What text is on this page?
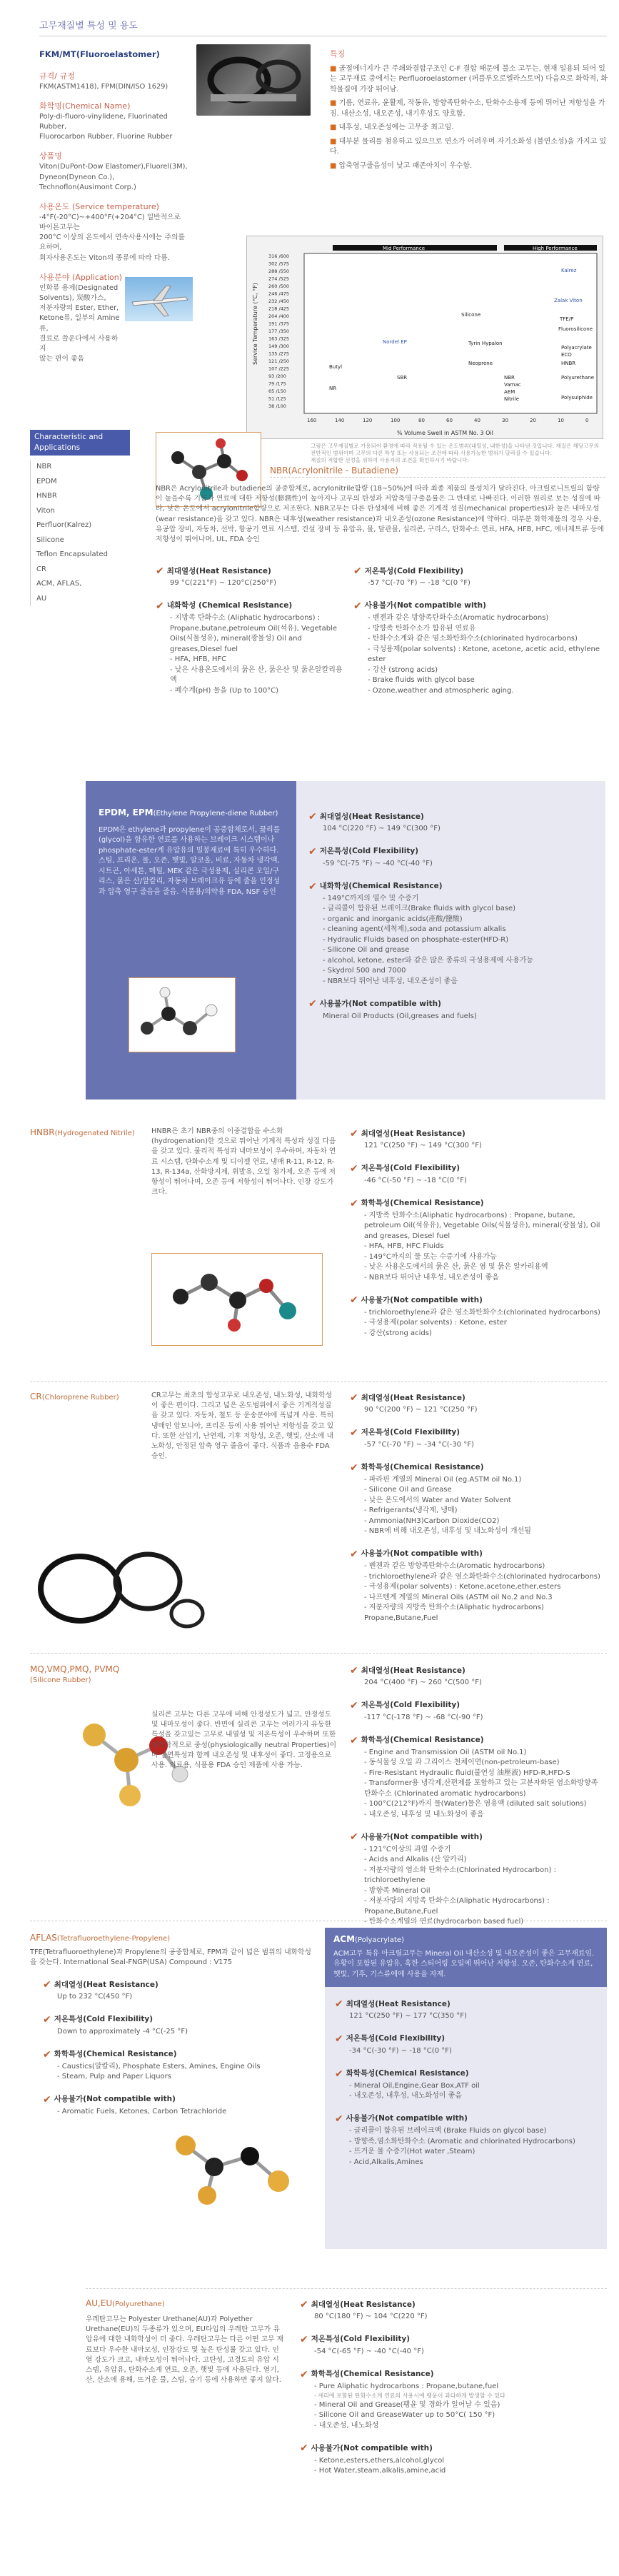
고무재질별 특성 및 용도
FKM/MT(Fluoroelastomer)
규격/ 규정
FKM(ASTM1418), FPM(DIN/ISO 1629)
화학명(Chemical Name)
Poly-di-fluoro-vinylidene, Fluorinated Rubber,
Fluorocarbon Rubber, Fluorine Rubber
상품명
Viton(DuPont-Dow Elastomer),Fluorel(3M),
Dyneon(Dyneon Co.), Technoflon(Ausimont Corp.)
사용온도 (Service temperature)
-4°F(-20°C)~+400°F(+204°C) 일반적으로 바이톤고무는
200°C 이상의 온도에서 연속사용시에는 주의를 요하며,
회자사용온도는 Viton의 종류에 따라 다름.
사용분야 (Application)
인화류 용제(Designated Solvents), 炭酸가스,
저분자량의 Ester, Ether,
Ketone류, 일부의 Amine류,
결료로 쓸운다에서 사용하지
않는 편이 좋음
특징
■ 골절에너지가 큰 주쇄와결합구조인 C-F 결합 때문에 불소 고무는, 현재 일용되 되어 있는 고무재료 중에서는 Perfluoroelastomer (퍼플루오로엘라스토머) 다음으로 화학적, 화학물질에 가장 뛰어남.
■ 기름, 연료유, 윤활제, 작동유, 방향족탄화수소, 탄화수소용제 등에 뛰어난 저항성을 가짐. 내산소성, 내오존성, 내기후성도 양호함.
■ 내후성, 내오존성에는 고무중 최고임.
■ 대부분 물리를 첨유하고 있으므로 연소가 어려우며 자기소화성 (불연소성)을 가지고 있다.
■ 압축영구줄음성이 낮고 패존아치이 우수함.
Mid Performance	High Performance
Service Temperature (°C, °F)
% Volume Swell in ASTM No. 3 Oil
316 /600
302 /575
288 /550
274 /525
260 /500
246 /475
232 /450
218 /425
204 /400
191 /375
177 /350
163 /325
149 /300
135 /275
121 /250
107 /225
93 /200
79 /175
65 /150
51 /125
38 /100
160	140	120	100	80	60	40	30	20	10	0
Kalrez
Zalak Viton
TFE/P
Fluorosilicone
Silicone
Polyacrylate
ECO
HNBR
Nordel EP	Tyrin Hypalon
Neoprene
Polyurethane
SBR
Butyl
NR
NBR
Vamac
AEM
Nitrile	Polysulphide
그림은 고무재질별로 가용되어 환경에 따라 적용될 수 있는 온도범위(내열성, 내한성)을 나타낸 것입니다. 재질은 해당고무의 전반적인 범위이며 고무의 다른 특성 또는 사용되는 조건에 따라 사용가능한 범위가 달라질 수 있습니다.
재질의 적합한 선정을 위하여 사용자의 조건을 확인하시기 바랍니다.
Characteristic and Applications
NBR
EPDM
HNBR
Viton
Perfluor(Kalrez)
Silicone
Teflon Encapsulated
CR
ACM, AFLAS,
AU
NBR(Acrylonitrile - Butadiene)
NBR은 Acrylonitrile과 butadiene의 공중합체로, acrylonitrile함량 (18~50%)에 따라 최종 제품의 물성치가 달라진다. 아크릴로니트릴의 함량이 높을수록 기름과 연료에 대한 저항성(膨潤性)이 높아지나 고무의 탄성과 저압축영구줄음률은 그 반대로 나빠진다. 이러한 원리로 보는 성질에 따라, 낮은 온도에서 acrylonitrile함량으로 저조한다. NBR고무는 다른 탄성체에 비해 좋은 기계적 성질(mechanical properties)과 높은 내마모성(wear resistance)을 갖고 있다. NBR은 내후성(weather resistance)과 내오존성(ozone Resistance)에 약하다. 대부분 화학제품의 경우 사용, 유공압 장비, 자동차, 선박, 항공기 연료 시스템, 건설 장비 등 유압유, 물, 달관물, 실리콘, 구리스, 탄화수소 연료, HFA, HFB, HFC, 에너제트류 등에 저항성이 뛰어나며, UL, FDA 승인
✔ 최대열성(Heat Resistance)
99 °C(221°F) ~ 120°C(250°F)
✔ 내화학성 (Chemical Resistance)
- 지방족 탄화수소 (Aliphatic hydrocarbons) : Propane,butane,petroleum Oil(석유), Vegetable Oils(식물성유), mineral(광물성) Oil and greases,Diesel fuel
- HFA, HFB, HFC
- 낮은 사용온도에서의 묽은 산, 묽은산 및 묽은알칼리용액
- 폐수계(pH) 물을 (Up to 100°C)
✔ 저온특성(Cold Flexibility)
-57 °C(-70 °F) ~ -18 °C(0 °F)
✔ 사용불가(Not compatible with)
- 벤젠과 같은 방향족탄화수소(Aromatic hydrocarbons)
- 방향족 탄화수소가 함유된 연료유
- 탄화수소계와 같은 염소화탄화수소(chlorinated hydrocarbons)
- 극성용제(polar solvents) : Ketone, acetone, acetic acid, ethylene ester
- 강산 (strong acids)
- Brake fluids with glycol base
- Ozone,weather and atmospheric aging.
EPDM, EPM(Ethylene Propylene-diene Rubber)
EPDM은 ethylene과 propylene이 공중합체로서, 끓리를 (glycol)을 함유한 연료를 사용하는 브레이크 시스템이나 phosphate-ester계 유압유의 밀봉재료에 특히 우수하다. 스팀, 프리온, 물, 오존, 햇빛, 알코올, 비료, 자동차 냉각액, 시트곤, 아세톤, 메틸, MEK 같은 극성용제, 실리콘 오일/구리스, 묽은 산/알칼리, 자동차 브레이크유 등에 줄을 인정성과 압축 영구 줄음을 줄음. 식품용/의약용 FDA, NSF 승인
✔ 최대열성(Heat Resistance)
104 °C(220 °F) ~ 149 °C(300 °F)
✔ 저온특성(Cold Flexibility)
-59 °C(-75 °F) ~ -40 °C(-40 °F)
✔ 내화학성(Chemical Resistance)
- 149°C까지의 열수 및 수증기
- 글리콜이 함유된 브레이크(Brake fluids with glycol base)
- organic and inorganic acids(產酸/鹽酸)
- cleaning agent(세척제),soda and potassium alkalis
- Hydraulic Fluids based on phosphate-ester(HFD-R)
- Silicone Oil and grease
- alcohol, ketone, ester와 같은 많은 종류의 극성용제에 사용가능
- Skydrol 500 and 7000
- NBR보다 뛰어난 내후성, 내오존성이 좋음
✔ 사용불가(Not compatible with)
Mineral Oil Products (Oil,greases and fuels)
HNBR(Hydrogenated Nitrile) HNBR은 초기 NBR중의 이중결합을 수소화(hydrogenation)한 것으로 뛰어난 기계적 특성과 성질 다음을 갖고 있다. 물리적 특성과 내마모성이 우수하며, 자동차 연료 시스템, 탄화수소계 및 디이젤 연료, 냉매 R-11, R-12, R-13, R-134a, 산화방지제, 휘발유, 오일 첨가제, 오존 등에 저항성이 뛰어나며, 오존 등에 저항성이 뛰어나다. 인장 강도가 크다.
✔ 최대열성(Heat Resistance)
121 °C(250 °F) ~ 149 °C(300 °F)
✔ 저온특성(Cold Flexibility)
-46 °C(-50 °F) ~ -18 °C(0 °F)
✔ 화학특성(Chemical Resistance)
- 지방족 탄화수소(Aliphatic hydrocarbons) : Propane, butane, petroleum Oil(석유유), Vegetable Oils(식물성유), mineral(광물성), Oil and greases, Diesel fuel
- HFA, HFB, HFC Fluids
- 149°C까지의 물 또는 수증기에 사용가능
- 낮은 사용온도에서의 묽은 산, 묽은 염 및 묽은 알카리용액
- NBR보다 뛰어난 내후성, 내오존성이 좋음
✔ 사용불가(Not compatible with)
- trichloroethylene과 같은 염소화탄화수소(chlorinated hydrocarbons)
- 극성용제(polar solvents) : Ketone, ester
- 강산(strong acids)
CR(Chloroprene Rubber)	CR고무는 최초의 합성고무로 내오존성, 내노화성, 내화학성이 좋은 편이다. 그리고 넓은 온도범위에서 좋은 기계적성질을 갖고 있다. 자동차, 철도 등 운송분야에 폭넓게 사용. 특히 냉매인 암모니아, 프리온 등에 사용 뛰어난 저항성을 갖고 있다. 또한 산업기, 난연제, 기후 저항성, 오존, 햇빛, 산소에 내노화성, 안정된 압축 영구 줄음이 좋다. 식품과 음용수 FDA 승인.
✔ 최대열성(Heat Resistance)
90 °C(200 °F) ~ 121 °C(250 °F)
✔ 저온특성(Cold Flexibility)
-57 °C(-70 °F) ~ -34 °C(-30 °F)
✔ 화학특성(Chemical Resistance)
- 파라핀 계열의 Mineral Oil (eg.ASTM oil No.1)
- Silicone Oil and Grease
- 낮은 온도에서의 Water and Water Solvent
- Refrigerants(냉각제, 냉매)
- Ammonia(NH3)Carbon Dioxide(CO2)
- NBR에 비해 내오존성, 내후성 및 내노화성이 개선됨
✔ 사용불가(Not compatible with)
- 벤젠과 같은 방향족탄화수소(Aromatic hydrocarbons)
- trichloroethylene과 같은 염소화탄화수소(chlorinated hydrocarbons)
- 극성용제(polar solvents) : Ketone,acetone,ether,esters
- 나프텐계 계열의 Mineral Oils (ASTM oil No.2 and No.3
- 저분자량의 지방족 탄화수소(Aliphatic hydrocarbons) Propane,Butane,Fuel
MQ,VMQ,PMQ, PVMQ
(Silicone Rubber)
실리콘 고무는 다른 고무에 비해 안정성도가 넓고, 안정성도 및 내마모성이 좋다. 반면에 실리콘 고무는 여러가지 유동한 특성을 갖고있는 고무로 내열성 및 저온특성이 우수하며 또한 생리학적으로 중성(physiologically neutral Properties)이며 절연특성과 함께 내오존성 및 내후성이 좋다. 고정용으로 사용. 의료용, 식품용 FDA 승인 제품에 사용 가능.
✔ 최대열성(Heat Resistance)
204 °C(400 °F) ~ 260 °C(500 °F)
✔ 저온특성(Cold Flexibility)
-117 °C(-178 °F) ~ -68 °C(-90 °F)
✔ 화학특성(Chemical Resistance)
- Engine and Transmission Oil (ASTM oil No.1)
- 동식물성 오일 과 그리이스 천체이면(non-petroleum-base)
- Fire-Resistant Hydraulic fluid(불연성 油壓液) HFD-R,HFD-S
- Transformer용 냉각제,산편제를 포함하고 있는 고분자화된 염소화방향족 탄화수소 (Chlorinated aromatic hydrocarbons)
- 100°C(212°F)까지 물(Water)물은 염용액 (diluted salt solutions)
- 내오존성, 내후성 및 내노화성이 좋음
✔ 사용불가(Not compatible with)
- 121°C이상의 과열 수증기
- Acids and Alkalis (산 알카리)
- 저분자량의 염소화 탄화수소(Chlorinated Hydrocarbon) : trichloroethylene
- 방향족 Mineral Oil
- 저분자량의 지방족 탄화수소(Aliphatic Hydrocarbons) : Propane,Butane,Fuel
- 탄화수소계열의 연료(hydrocarbon based fuel)
-
AFLAS(Tetrafluoroethylene-Propylene)
TFE(Tetrafluoroethylene)과 Propylene의 공중합체로, FPM과 같이 넓은 범위의 내화학성을 갖는다. International Seal-FNGP(USA) Compound : V175
✔ 최대열성(Heat Resistance)
Up to 232 °C(450 °F)
✔ 저온특성(Cold Flexibility)
Down to approximately -4 °C(-25 °F)
✔ 화학특성(Chemical Resistance)
- Caustics(알칼리), Phosphate Esters, Amines, Engine Oils
- Steam, Pulp and Paper Liquors
✔ 사용불가(Not compatible with)
- Aromatic Fuels, Ketones, Carbon Tetrachloride
ACM(Polyacrylate)
ACM고무 특유 아크릴고무는 Mineral Oil 내산소성 및 내오존성이 좋은 고무재료임. 유황이 포함된 유압유, 혹한 스티어링 오일에 뛰어난 저항성. 오존, 탄화수소계 연료, 햇빛, 기후, 기스류에에 사용을 자제.
✔ 최대열성(Heat Resistance)
121 °C(250 °F) ~ 177 °C(350 °F)
✔ 저온특성(Cold Flexibility)
-34 °C(-30 °F) ~ -18 °C(0 °F)
✔ 화학특성(Chemical Resistance)
- Mineral Oil,Engine,Gear Box,ATF oil
- 내오존성, 내후성, 내노화성이 좋음
✔ 사용불가(Not compatible with)
- 글리콜이 함유된 브레이크액 (Brake Fluids on glycol base)
- 방향족,염소화탄화수소 (Aromatic and chlorinated Hydrocarbons)
- 뜨거운 물 수증기(Hot water ,Steam)
- Acid,Alkalis,Amines
AU,EU(Polyurethane)
우레탄고무는 Polyester Urethane(AU)과 Polyether Urethane(EU)의 두종류가 있으며, EU타입의 우레탄 고무가 유압유에 대한 내화학성이 더 좋다. 우레탄고무는 다른 어떤 고무 재료보다 우수한 내마모성, 인장강도 및 높은 탄성률 갖고 있다. 인열 강도가 크고, 내마모성이 뛰어나다. 고탄성, 고경도의 유압 시스템, 유압유, 탄화수소계 연료, 오존, 햇빛 등에 사용된다. 열기, 산, 산소에 용해, 뜨거운 물, 스팀, 습기 등에 사용하면 좋지 않다.
✔ 최대열성(Heat Resistance)
80 °C(180 °F) ~ 104 °C(220 °F)
✔ 저온특성(Cold Flexibility)
-54 °C(-65 °F) ~ -40 °C(-40 °F)
✔ 화학특성(Chemical Resistance)
- Pure Aliphatic hydrocarbons : Propane,butane,fuel
- 새리에 포함된 탄화수소계 연료의 사용시에 팽윤이 과다하게 발생할 수 있다
- Mineral Oil and Grease(팽윤 및 경화가 일어날 수 있음)
- Silicone Oil and GreaseWater up to 50°C( 150 °F)
- 내오존성, 내노화성
✔ 사용불가(Not compatible with)
- Ketone,esters,ethers,alcohol,glycol
- Hot Water,steam,alkalis,amine,acid
